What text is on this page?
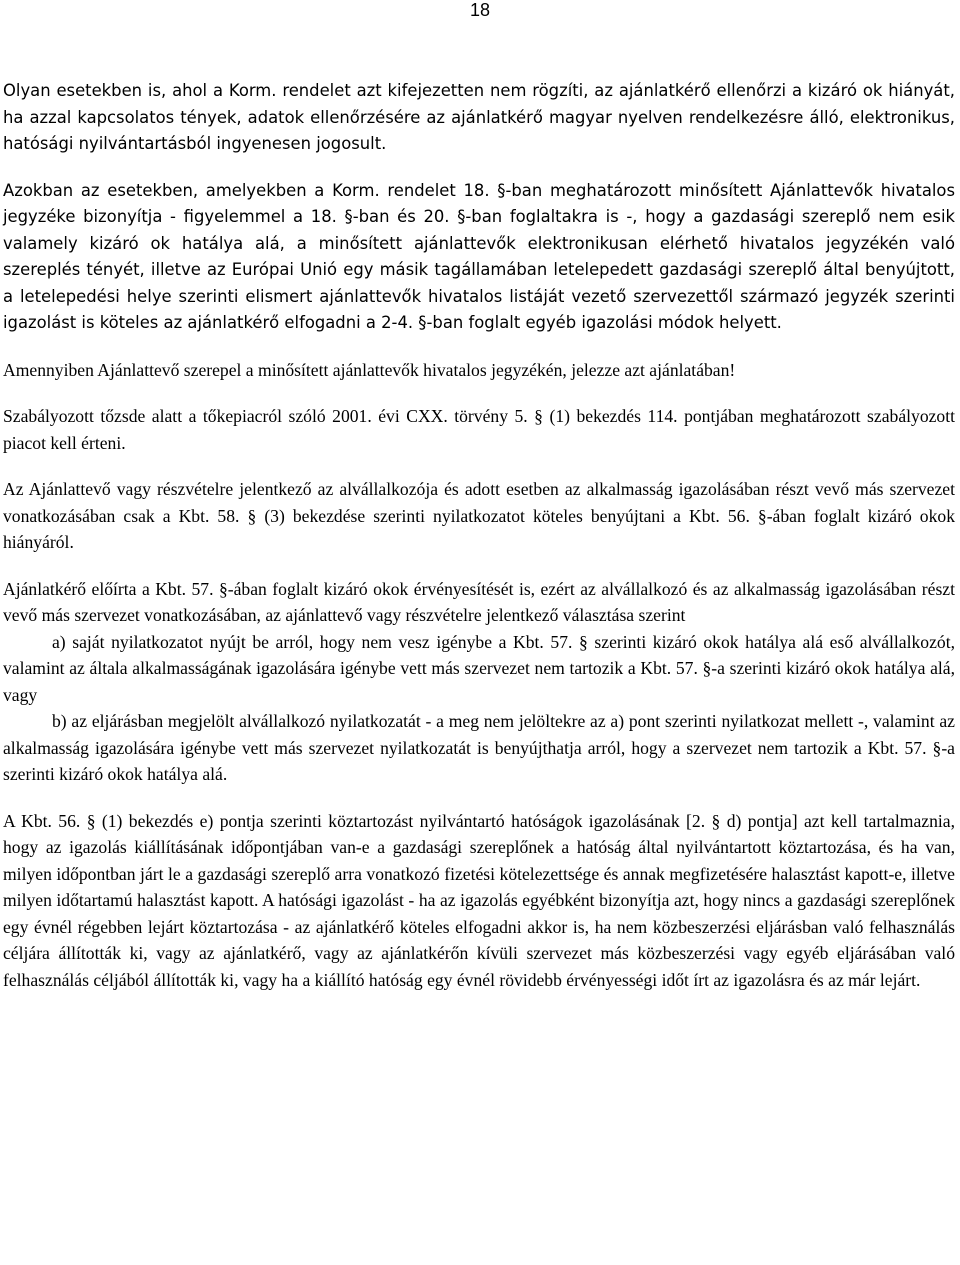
18

Olyan esetekben is, ahol a Korm. rendelet azt kifejezetten nem rögzíti, az ajánlatkérő ellenőrzi a kizáró ok hiányát, ha azzal kapcsolatos tények, adatok ellenőrzésére az ajánlatkérő magyar nyelven rendelkezésre álló, elektronikus, hatósági nyilvántartásból ingyenesen jogosult.

Azokban az esetekben, amelyekben a Korm. rendelet 18. §-ban meghatározott minősített Ajánlattevők hivatalos jegyzéke bizonyítja - figyelemmel a 18. §-ban és 20. §-ban foglaltakra is -, hogy a gazdasági szereplő nem esik valamely kizáró ok hatálya alá, a minősített ajánlattevők elektronikusan elérhető hivatalos jegyzékén való szereplés tényét, illetve az Európai Unió egy másik tagállamában letelepedett gazdasági szereplő által benyújtott, a letelepedési helye szerinti elismert ajánlattevők hivatalos listáját vezető szervezettől származó jegyzék szerinti igazolást is köteles az ajánlatkérő elfogadni a 2-4. §-ban foglalt egyéb igazolási módok helyett.

Amennyiben Ajánlattevő szerepel a minősített ajánlattevők hivatalos jegyzékén, jelezze azt ajánlatában!

Szabályozott tőzsde alatt a tőkepiacról szóló 2001. évi CXX. törvény 5. § (1) bekezdés 114. pontjában meghatározott szabályozott piacot kell érteni.

Az Ajánlattevő vagy részvételre jelentkező az alvállalkozója és adott esetben az alkalmasság igazolásában részt vevő más szervezet vonatkozásában csak a Kbt. 58. § (3) bekezdése szerinti nyilatkozatot köteles benyújtani a Kbt. 56. §-ában foglalt kizáró okok hiányáról.

Ajánlatkérő előírta a Kbt. 57. §-ában foglalt kizáró okok érvényesítését is, ezért az alvállalkozó és az alkalmasság igazolásában részt vevő más szervezet vonatkozásában, az ajánlattevő vagy részvételre jelentkező választása szerint

a) saját nyilatkozatot nyújt be arról, hogy nem vesz igénybe a Kbt. 57. § szerinti kizáró okok hatálya alá eső alvállalkozót, valamint az általa alkalmasságának igazolására igénybe vett más szervezet nem tartozik a Kbt. 57. §-a szerinti kizáró okok hatálya alá, vagy

b) az eljárásban megjelölt alvállalkozó nyilatkozatát - a meg nem jelöltekre az a) pont szerinti nyilatkozat mellett -, valamint az alkalmasság igazolására igénybe vett más szervezet nyilatkozatát is benyújthatja arról, hogy a szervezet nem tartozik a Kbt. 57. §-a szerinti kizáró okok hatálya alá.

A Kbt. 56. § (1) bekezdés e) pontja szerinti köztartozást nyilvántartó hatóságok igazolásának [2. § d) pontja] azt kell tartalmaznia, hogy az igazolás kiállításának időpontjában van-e a gazdasági szereplőnek a hatóság által nyilvántartott köztartozása, és ha van, milyen időpontban járt le a gazdasági szereplő arra vonatkozó fizetési kötelezettsége és annak megfizetésére halasztást kapott-e, illetve milyen időtartamú halasztást kapott. A hatósági igazolást - ha az igazolás egyébként bizonyítja azt, hogy nincs a gazdasági szereplőnek egy évnél régebben lejárt köztartozása - az ajánlatkérő köteles elfogadni akkor is, ha nem közbeszerzési eljárásban való felhasználás céljára állították ki, vagy az ajánlatkérő, vagy az ajánlatkérőn kívüli szervezet más közbeszerzési vagy egyéb eljárásában való felhasználás céljából állították ki, vagy ha a kiállító hatóság egy évnél rövidebb érvényességi időt írt az igazolásra és az már lejárt.
